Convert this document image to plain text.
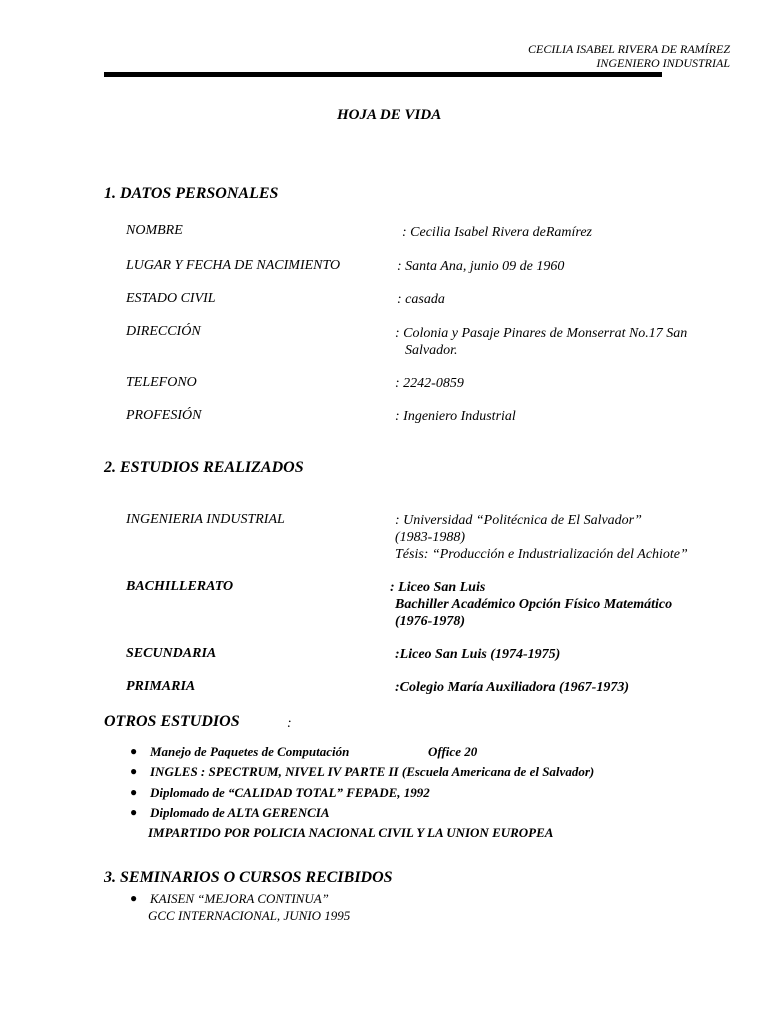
CECILIA ISABEL RIVERA DE RAMÍREZ
INGENIERO INDUSTRIAL
HOJA DE VIDA
1. DATOS PERSONALES
NOMBRE	: Cecilia Isabel Rivera deRamírez
LUGAR Y FECHA DE NACIMIENTO	: Santa Ana, junio 09 de 1960
ESTADO CIVIL	: casada
DIRECCIÓN	: Colonia y Pasaje Pinares de Monserrat No.17 San
Salvador.
TELEFONO	: 2242-0859
PROFESIÓN	: Ingeniero Industrial
2. ESTUDIOS REALIZADOS
INGENIERIA INDUSTRIAL	: Universidad “Politécnica de El Salvador”
(1983-1988)
Tésis: “Producción e Industrialización del Achiote”
BACHILLERATO	: Liceo San Luis
Bachiller Académico Opción Físico Matemático
(1976-1978)
SECUNDARIA	:Liceo San Luis (1974-1975)
PRIMARIA	:Colegio María Auxiliadora (1967-1973)
OTROS ESTUDIOS	:
● Manejo de Paquetes de Computación	Office 20
● INGLES : SPECTRUM, NIVEL IV PARTE II (Escuela Americana de el Salvador)
● Diplomado de “CALIDAD TOTAL” FEPADE, 1992
● Diplomado de ALTA GERENCIA
IMPARTIDO POR POLICIA NACIONAL CIVIL Y LA UNION EUROPEA
3. SEMINARIOS O CURSOS RECIBIDOS
● KAISEN “MEJORA CONTINUA”
GCC INTERNACIONAL, JUNIO 1995
